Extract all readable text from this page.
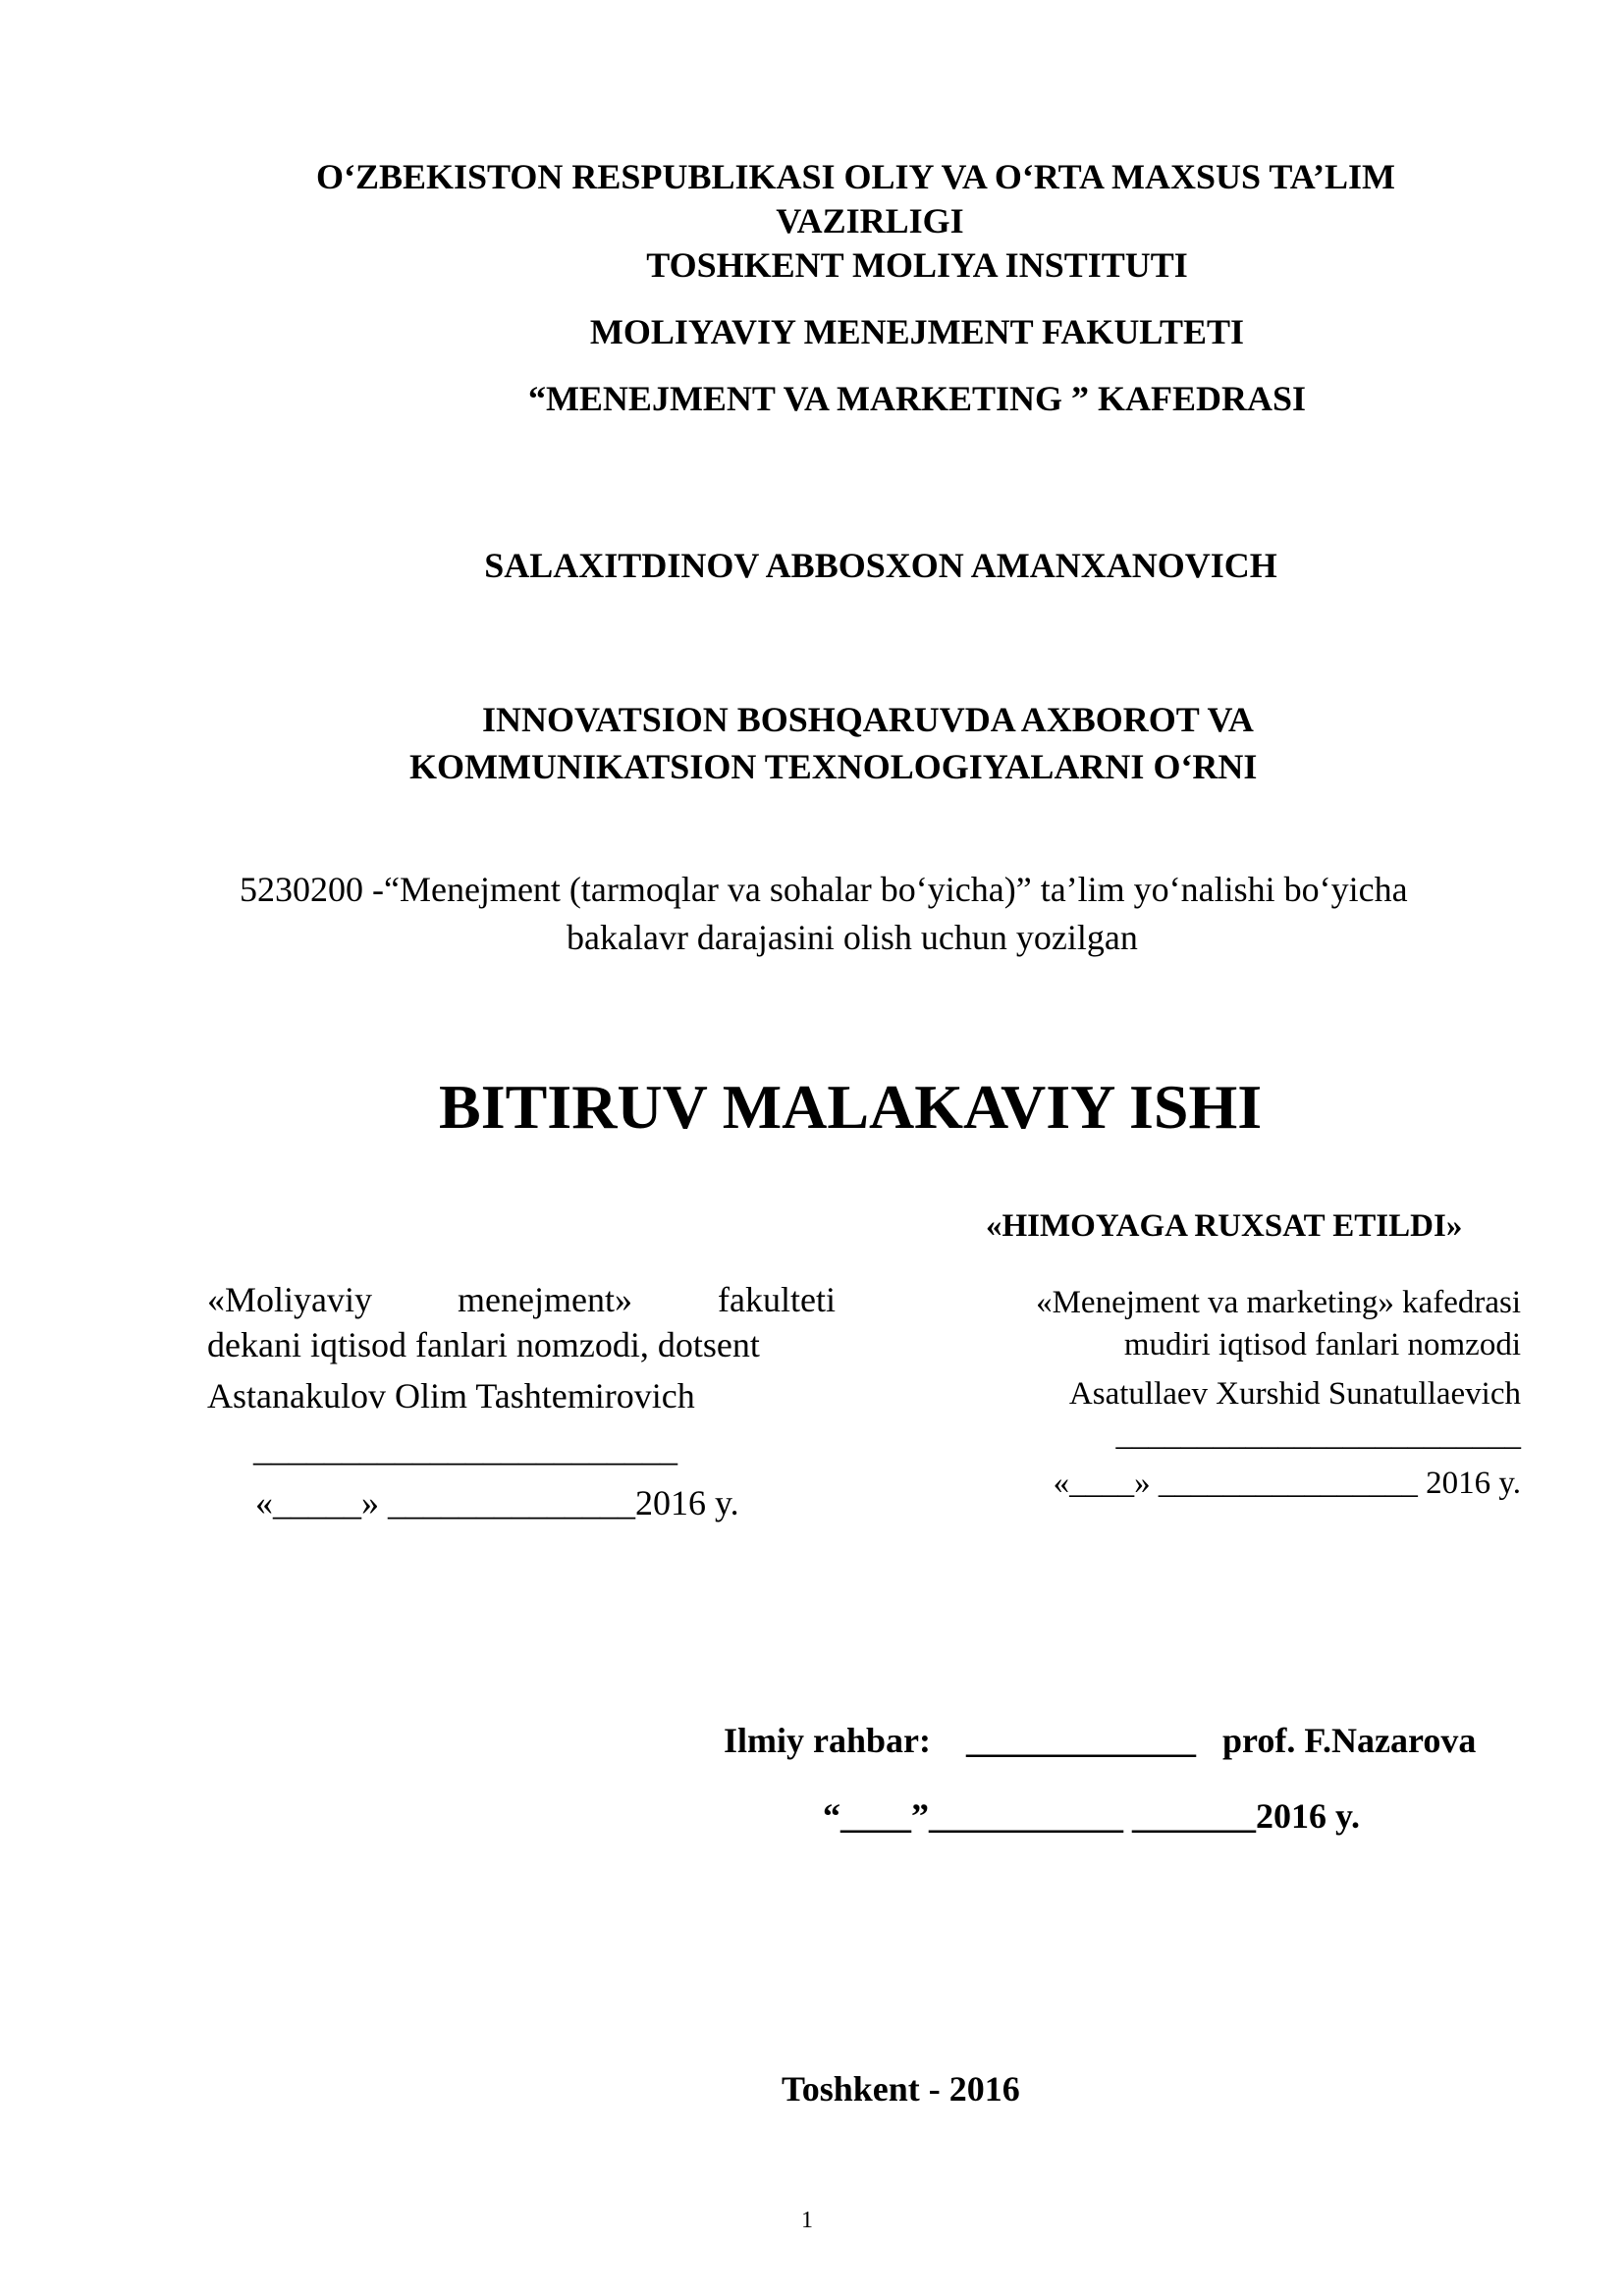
O‘ZBEKISTON RESPUBLIKASI OLIY VA O‘RTA MAXSUS TA’LIM
VAZIRLIGI
TOSHKENT MOLIYA INSTITUTI
MOLIYAVIY MENEJMENT FAKULTETI
“MENEJMENT VA MARKETING ” KAFEDRASI
SALAXITDINOV ABBOSXON AMANXANOVICH
INNOVATSION BOSHQARUVDA AXBOROT VA
KOMMUNIKATSION TEXNOLOGIYALARNI O‘RNI
5230200 -“Menejment (tarmoqlar va sohalar bo‘yicha)” ta’lim yo‘nalishi bo‘yicha
bakalavr darajasini olish uchun yozilgan
BITIRUV MALAKAVIY ISHI
«HIMOYAGA RUXSAT ETILDI»
«Moliyaviy menejment» fakulteti
dekani iqtisod fanlari nomzodi, dotsent
Astanakulov Olim Tashtemirovich
________________________
«_____» ______________2016 y.
«Menejment va marketing» kafedrasi
mudiri iqtisod fanlari nomzodi
Asatullaev Xurshid Sunatullaevich
_________________________
«____» ________________ 2016 y.
Ilmiy rahbar: _____________ prof. F.Nazarova
“____”___________ _______2016 y.
Toshkent - 2016
1
